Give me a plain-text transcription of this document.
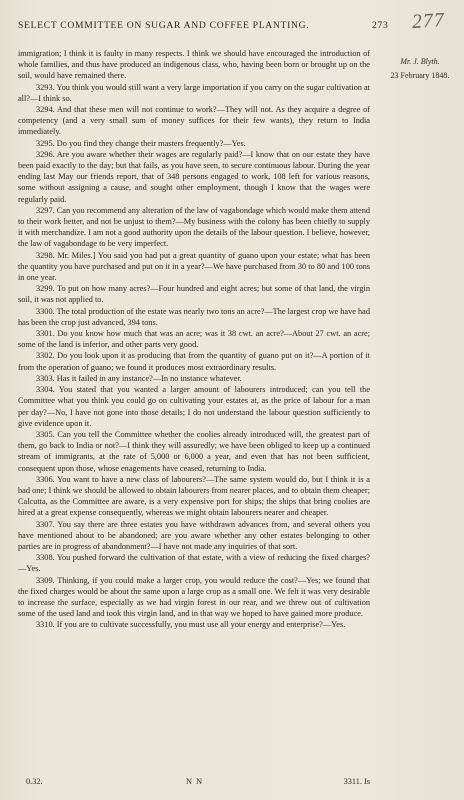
SELECT COMMITTEE ON SUGAR AND COFFEE PLANTING.	273 277
Mr. J. Blyth.
23 February 1848.

immigration; I think it is faulty in many respects. I think we should have encouraged the introduction of whole families, and thus have produced an indigenous class, who, having been born or brought up on the soil, would have remained there.

3293. You think you would still want a very large importation if you carry on the sugar cultivation at all?—I think so.

3294. And that these men will not continue to work?—They will not. As they acquire a degree of competency (and a very small sum of money suffices for their few wants), they return to India immediately.

3295. Do you find they change their masters frequently?—Yes.

3296. Are you aware whether their wages are regularly paid?—I know that on our estate they have been paid exactly to the day; but that fails, as you have seen, to secure continuous labour. During the year ending last May our friends report, that of 348 persons engaged to work, 108 left for various reasons, some without assigning a cause, and sought other employment, though I know that the wages were regularly paid.

3297. Can you recommend any alteration of the law of vagabondage which would make them attend to their work better, and not be unjust to them?—My business with the colony has been chiefly to supply it with merchandize. I am not a good authority upon the details of the labour question. I believe, however, the law of vagabondage to be very imperfect.

3298. Mr. Miles.] You said you had put a great quantity of guano upon your estate; what has been the quantity you have purchased and put on it in a year?—We have purchased from 30 to 80 and 100 tons in one year.

3299. To put on how many acres?—Four hundred and eight acres; but some of that land, the virgin soil, it was not applied to.

3300. The total production of the estate was nearly two tons an acre?—The largest crop we have had has been the crop just advanced, 394 tons.

3301. Do you know how much that was an acre; was it 38 cwt. an acre?—About 27 cwt. an acre; some of the land is inferior, and other parts very good.

3302. Do you look upon it as producing that from the quantity of guano put on it?—A portion of it from the operation of guano; we found it produces most extraordinary results.

3303. Has it failed in any instance?—In no instance whatever.

3304. You stated that you wanted a larger amount of labourers introduced; can you tell the Committee what you think you could go on cultivating your estates at, as the price of labour for a man per day?—No, I have not gone into those details; I do not understand the labour question sufficiently to give evidence upon it.

3305. Can you tell the Committee whether the coolies already introduced will, the greatest part of them, go back to India or not?—I think they will assuredly; we have been obliged to keep up a continued stream of immigrants, at the rate of 5,000 or 6,000 a year, and even that has not been sufficient, consequent upon those, whose enagements have ceased, returning to India.

3306. You want to have a new class of labourers?—The same system would do, but I think it is a bad one; I think we should be allowed to obtain labourers from nearer places, and to obtain them cheaper; Calcutta, as the Committee are aware, is a very expensive port for ships; the ships that bring coolies are hired at a great expense consequently, whereas we might obtain labourers nearer and cheaper.

3307. You say there are three estates you have withdrawn advances from, and several others you have mentioned about to be abandoned; are you aware whether any other estates belonging to other parties are in progress of abandonment?—I have not made any inquiries of that sort.

3308. You pushed forward the cultivation of that estate, with a view of reducing the fixed charges?—Yes.

3309. Thinking, if you could make a larger crop, you would reduce the cost?—Yes; we found that the fixed charges would be about the same upon a large crop as a small one. We felt it was very desirable to increase the surface, especially as we had virgin forest in our rear, and we threw out of cultivation some of the used land and took this virgin land, and in that way we hoped to have gained more produce.

3310. If you are to cultivate successfully, you must use all your energy and enterprise?—Yes.

0.32.	N N	3311. Is
